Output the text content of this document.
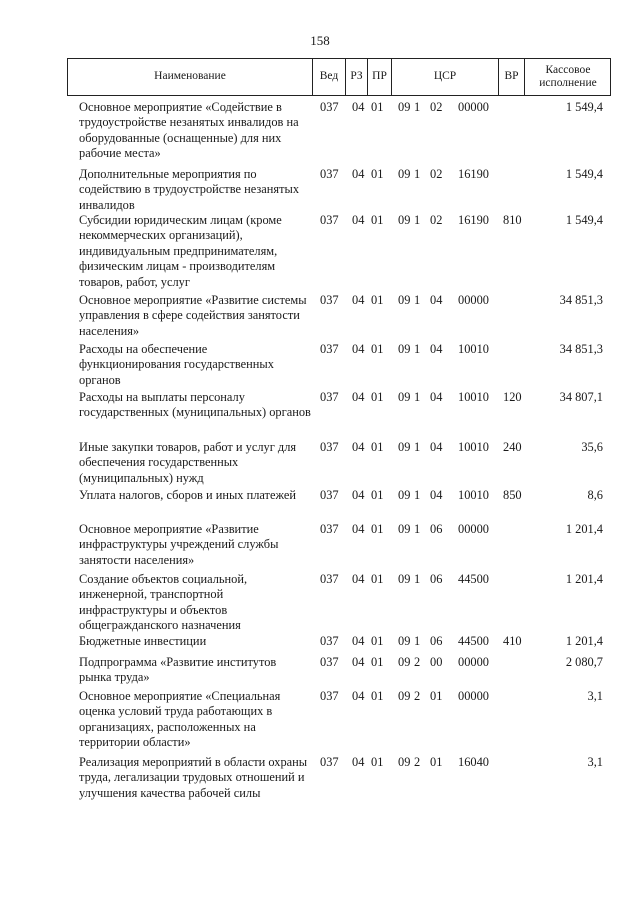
158
Наименование	Вед	РЗ ПР	ЦСР	ВР
Кассовое
исполнение
Основное мероприятие «Содействие в трудоустройстве незанятых инвалидов на оборудованные (оснащенные) для них рабочие места»
037 04 01 09 1 02 00000	1 549,4
Дополнительные мероприятия по содействию в трудоустройстве незанятых инвалидов
037 04 01 09 1 02 16190	1 549,4
Субсидии юридическим лицам (кроме некоммерческих организаций), индивидуальным предпринимателям, физическим лицам - производителям товаров, работ, услуг
037 04 01 09 1 02 16190 810	1 549,4
Основное мероприятие «Развитие системы управления в сфере содействия занятости населения»
037 04 01 09 1 04 00000	34 851,3
Расходы на обеспечение функционирования государственных органов
037 04 01 09 1 04 10010	34 851,3
Расходы на выплаты персоналу государственных (муниципальных) органов
037 04 01 09 1 04 10010 120	34 807,1
Иные закупки товаров, работ и услуг для обеспечения государственных (муниципальных) нужд
037 04 01 09 1 04 10010 240	35,6
Уплата налогов, сборов и иных платежей	037 04 01 09 1 04 10010 850	8,6
Основное мероприятие «Развитие инфраструктуры учреждений службы занятости населения»
037 04 01 09 1 06 00000	1 201,4
Создание объектов социальной, инженерной, транспортной инфраструктуры и объектов общегражданского назначения
037 04 01 09 1 06 44500	1 201,4
Бюджетные инвестиции	037 04 01 09 1 06 44500 410	1 201,4
Подпрограмма «Развитие институтов рынка труда»
037 04 01 09 2 00 00000	2 080,7
Основное мероприятие «Специальная оценка условий труда работающих в организациях, расположенных на территории области»
037 04 01 09 2 01 00000	3,1
Реализация мероприятий в области охраны труда, легализации трудовых отношений и улучшения качества рабочей силы
037 04 01 09 2 01 16040	3,1
